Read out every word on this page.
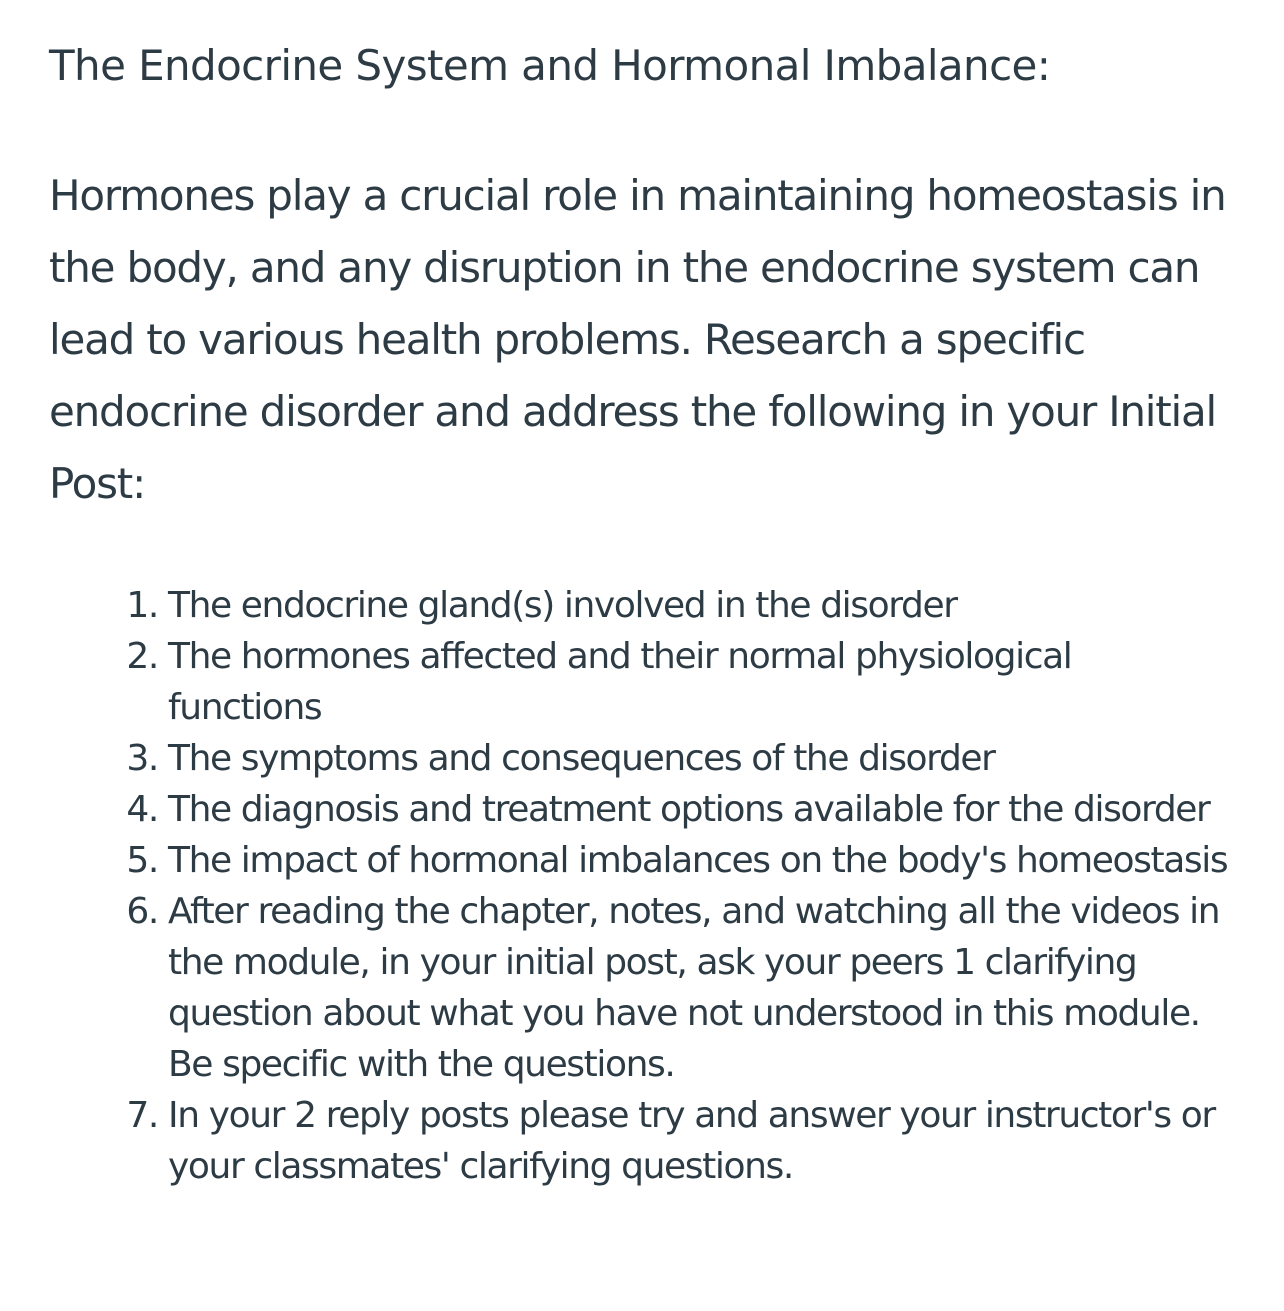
The Endocrine System and Hormonal Imbalance:

Hormones play a crucial role in maintaining homeostasis in the body, and any disruption in the endocrine system can lead to various health problems. Research a specific endocrine disorder and address the following in your Initial Post:

1. The endocrine gland(s) involved in the disorder
2. The hormones affected and their normal physiological functions
3. The symptoms and consequences of the disorder
4. The diagnosis and treatment options available for the disorder
5. The impact of hormonal imbalances on the body's homeostasis
6. After reading the chapter, notes, and watching all the videos in the module, in your initial post, ask your peers 1 clarifying question about what you have not understood in this module. Be specific with the questions.
7. In your 2 reply posts please try and answer your instructor's or your classmates' clarifying questions.
